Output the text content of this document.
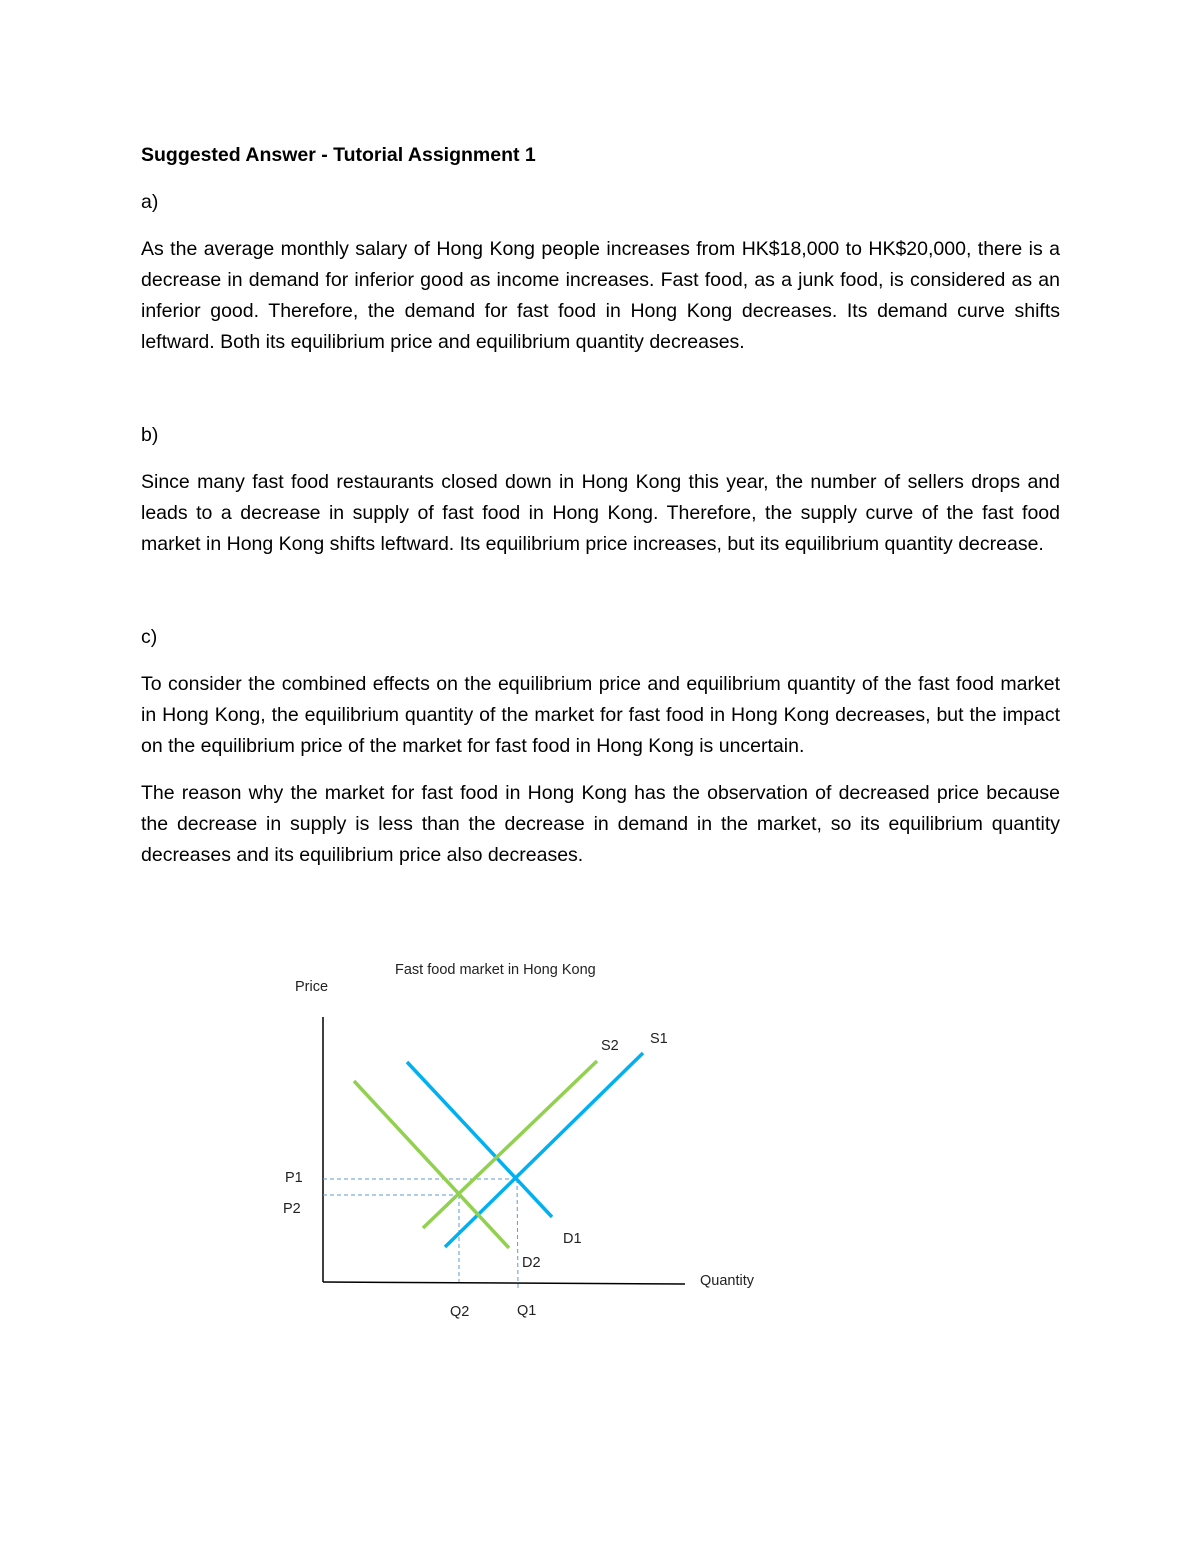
Suggested Answer - Tutorial Assignment 1

a)

As the average monthly salary of Hong Kong people increases from HK$18,000 to HK$20,000, there is a decrease in demand for inferior good as income increases. Fast food, as a junk food, is considered as an inferior good. Therefore, the demand for fast food in Hong Kong decreases. Its demand curve shifts leftward. Both its equilibrium price and equilibrium quantity decreases.

b)

Since many fast food restaurants closed down in Hong Kong this year, the number of sellers drops and leads to a decrease in supply of fast food in Hong Kong. Therefore, the supply curve of the fast food market in Hong Kong shifts leftward. Its equilibrium price increases, but its equilibrium quantity decrease.

c)

To consider the combined effects on the equilibrium price and equilibrium quantity of the fast food market in Hong Kong, the equilibrium quantity of the market for fast food in Hong Kong decreases, but the impact on the equilibrium price of the market for fast food in Hong Kong is uncertain.

The reason why the market for fast food in Hong Kong has the observation of decreased price because the decrease in supply is less than the decrease in demand in the market, so its equilibrium quantity decreases and its equilibrium price also decreases.

Fast food market in Hong Kong
Price
Quantity
S2 S1
D1
D2
P1
P2
Q2	Q1
